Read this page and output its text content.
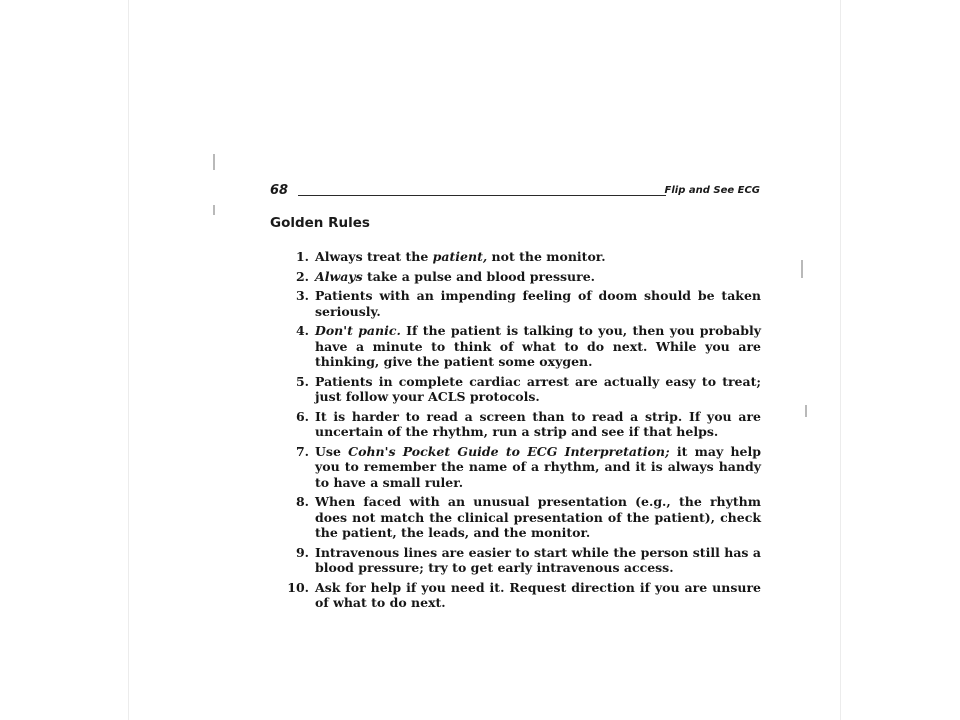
68	Flip and See ECG
Golden Rules
1. Always treat the patient, not the monitor.
2. Always take a pulse and blood pressure.
3. Patients with an impending feeling of doom should be taken seriously.
4. Don't panic. If the patient is talking to you, then you probably have a minute to think of what to do next. While you are thinking, give the patient some oxygen.
5. Patients in complete cardiac arrest are actually easy to treat; just follow your ACLS protocols.
6. It is harder to read a screen than to read a strip. If you are uncertain of the rhythm, run a strip and see if that helps.
7. Use Cohn's Pocket Guide to ECG Interpretation; it may help you to remember the name of a rhythm, and it is always handy to have a small ruler.
8. When faced with an unusual presentation (e.g., the rhythm does not match the clinical presentation of the patient), check the patient, the leads, and the monitor.
9. Intravenous lines are easier to start while the person still has a blood pressure; try to get early intravenous access.
10. Ask for help if you need it. Request direction if you are unsure of what to do next.
